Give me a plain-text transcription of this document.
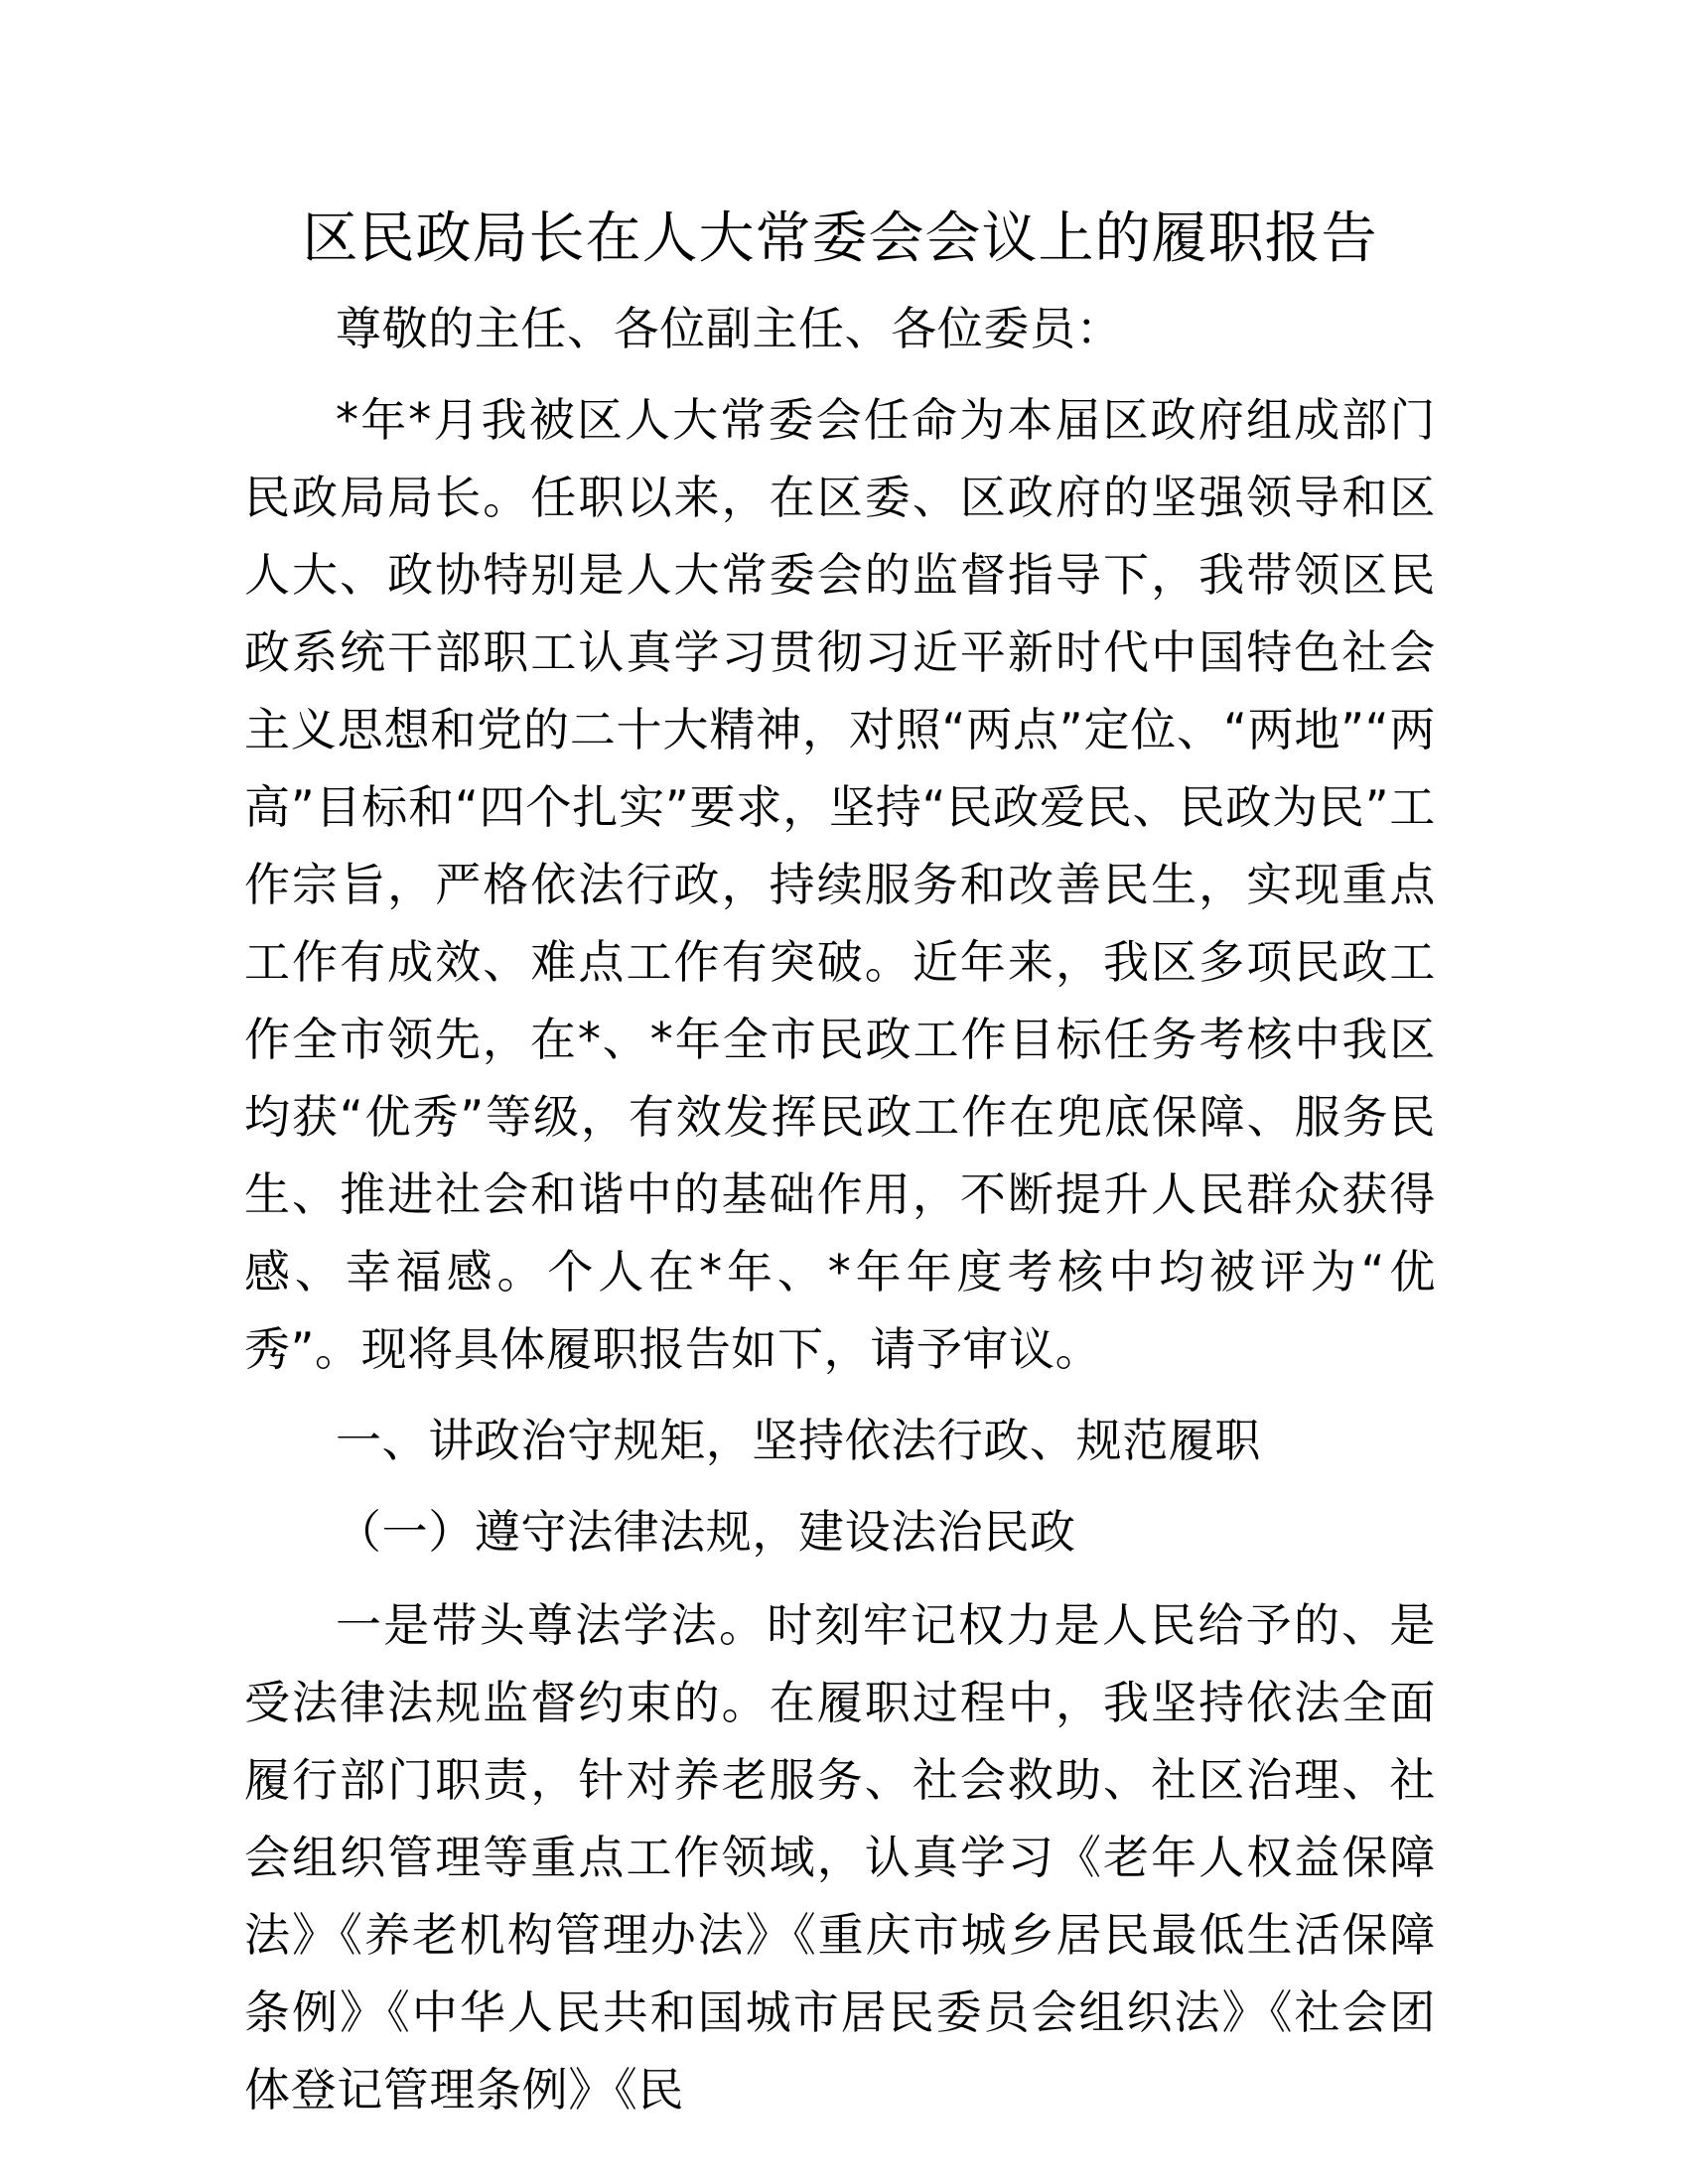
区民政局长在人大常委会会议上的履职报告

尊敬的主任、各位副主任、各位委员：

*年*月我被区人大常委会任命为本届区政府组成部门民政局局长。任职以来，在区委、区政府的坚强领导和区人大、政协特别是人大常委会的监督指导下，我带领区民政系统干部职工认真学习贯彻习近平新时代中国特色社会主义思想和党的二十大精神，对照“两点”定位、“两地”“两高”目标和“四个扎实”要求，坚持“民政爱民、民政为民”工作宗旨，严格依法行政，持续服务和改善民生，实现重点工作有成效、难点工作有突破。近年来，我区多项民政工作全市领先，在*、*年全市民政工作目标任务考核中我区均获“优秀”等级，有效发挥民政工作在兜底保障、服务民生、推进社会和谐中的基础作用，不断提升人民群众获得感、幸福感。个人在*年、*年年度考核中均被评为“优秀”。现将具体履职报告如下，请予审议。

一、讲政治守规矩，坚持依法行政、规范履职

（一）遵守法律法规，建设法治民政

一是带头尊法学法。时刻牢记权力是人民给予的、是受法律法规监督约束的。在履职过程中，我坚持依法全面履行部门职责，针对养老服务、社会救助、社区治理、社会组织管理等重点工作领域，认真学习《老年人权益保障法》《养老机构管理办法》《重庆市城乡居民最低生活保障条例》《中华人民共和国城市居民委员会组织法》《社会团体登记管理条例》《民
